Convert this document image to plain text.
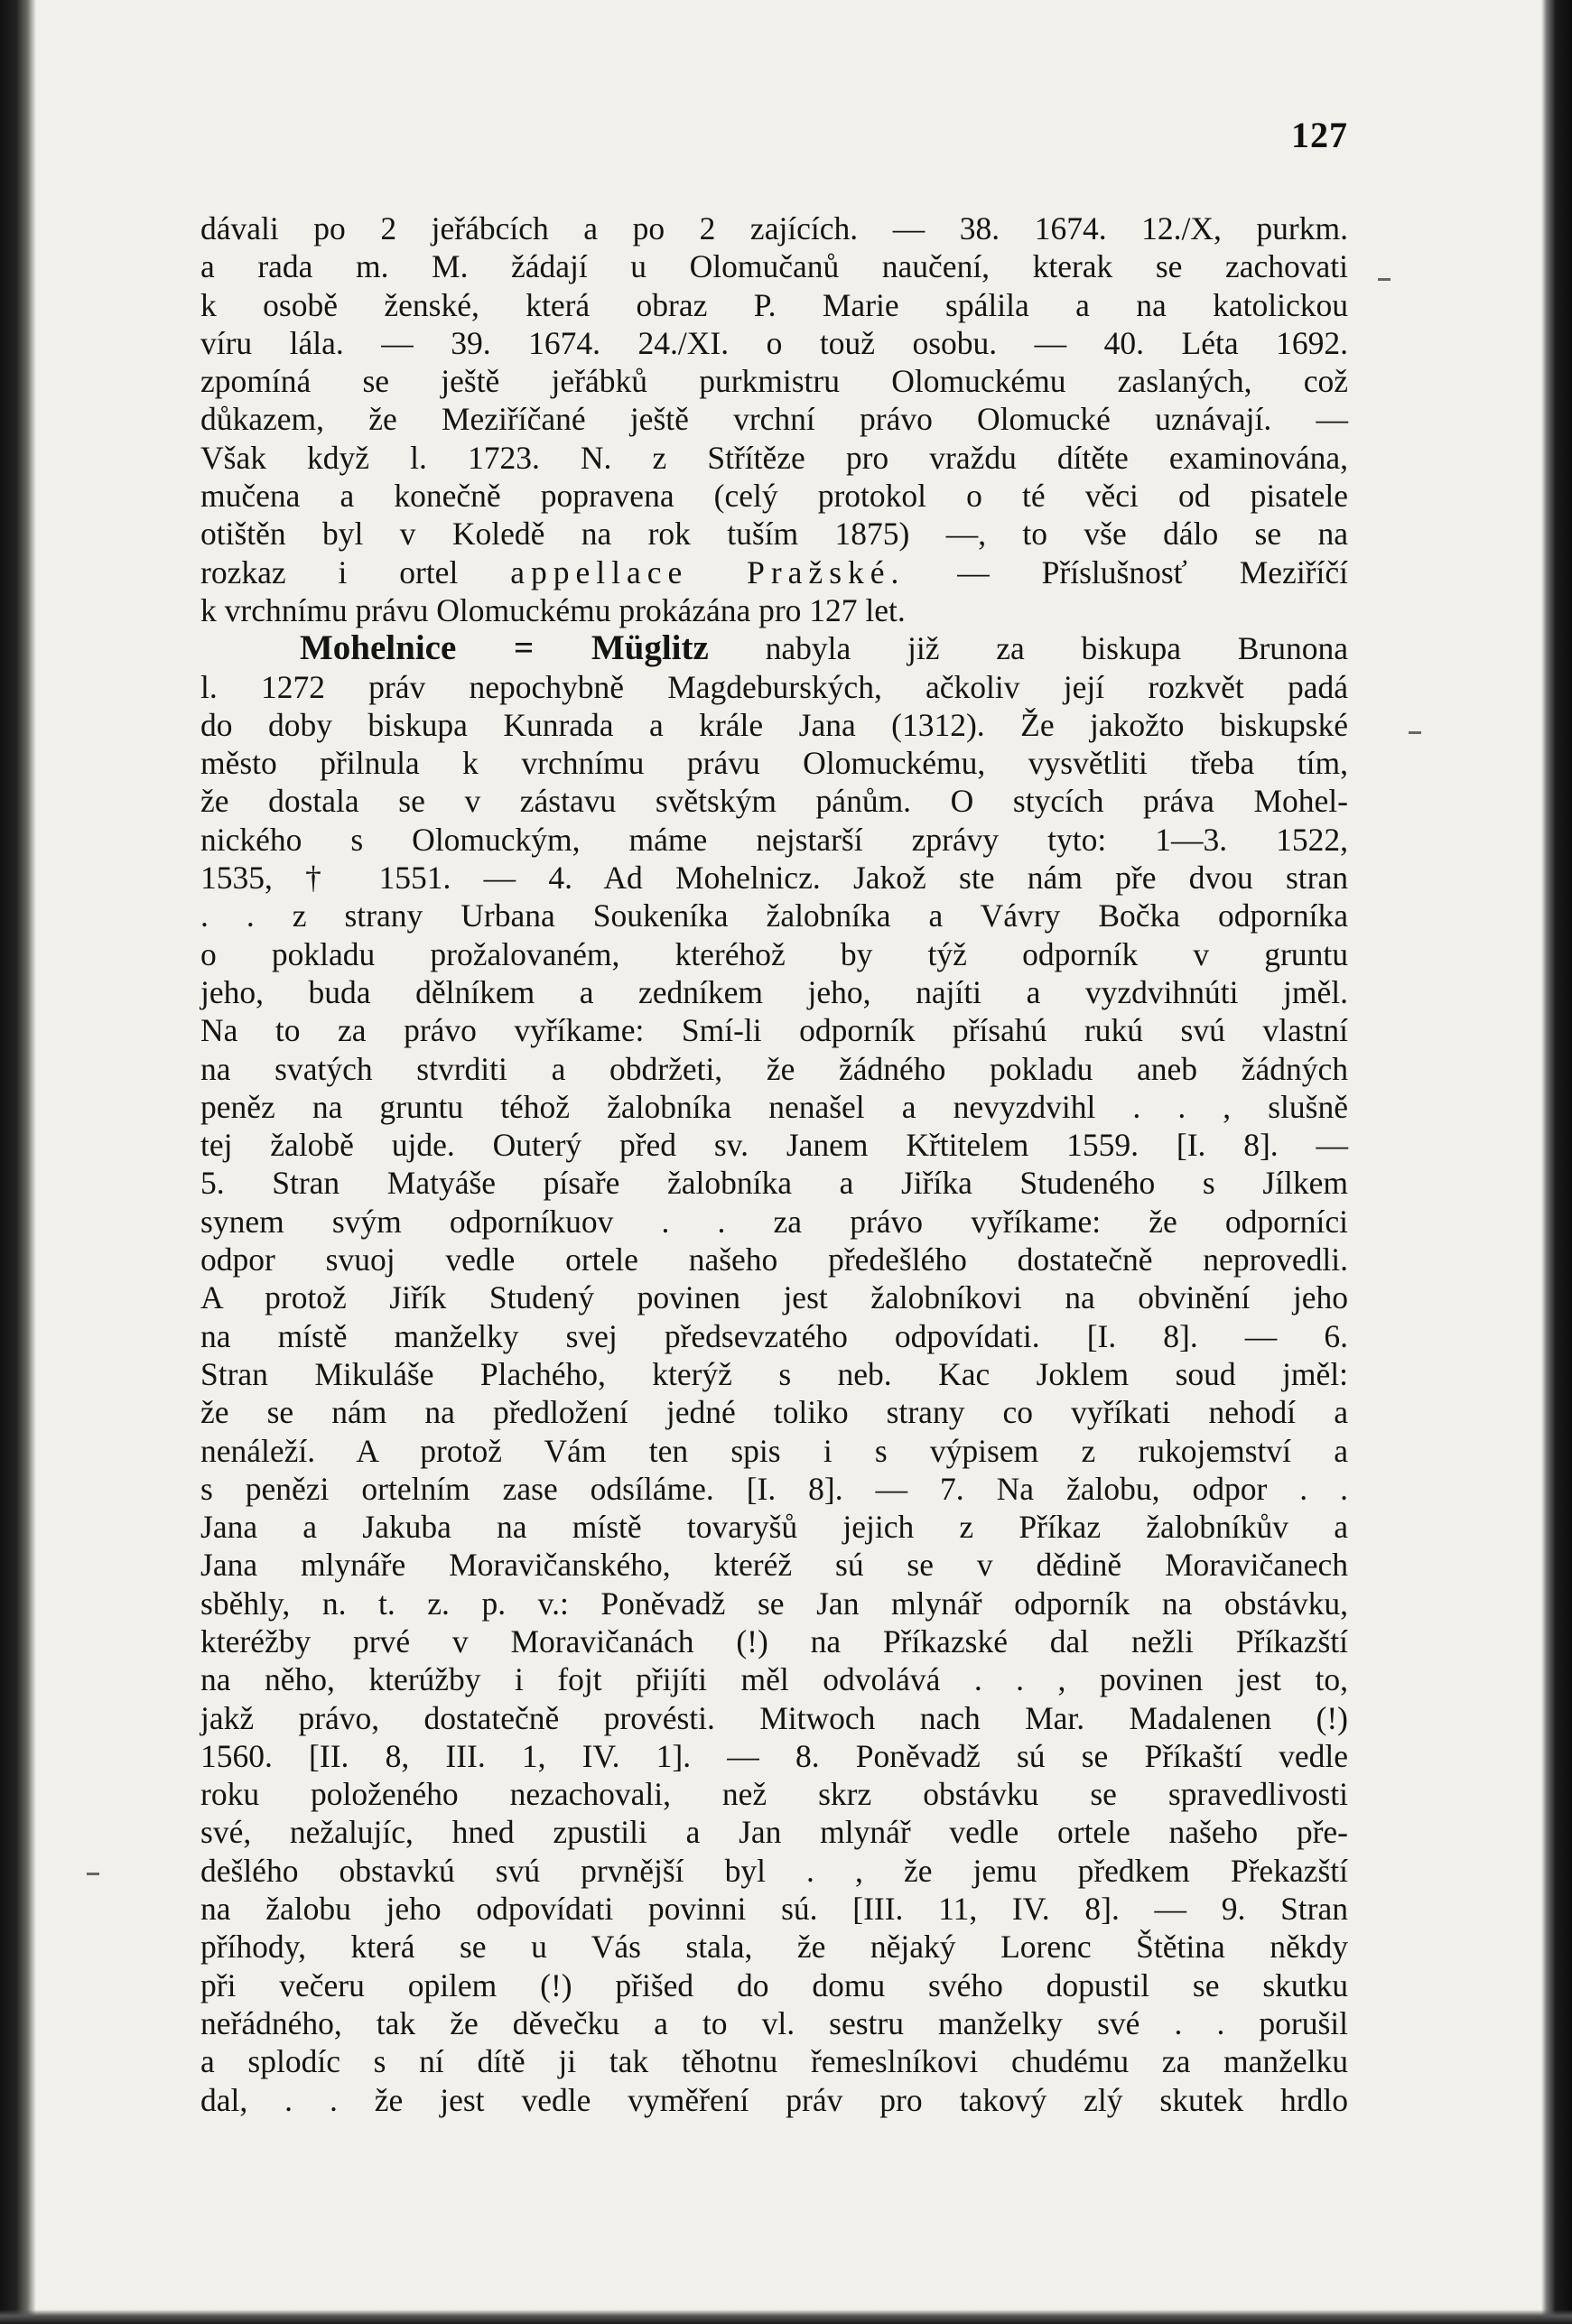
127
dávali po 2 jeřábcích a po 2 zajících. — 38. 1674. 12./X, purkm.
a rada m. M. žádají u Olomučanů naučení, kterak se zachovati
k osobě ženské, která obraz P. Marie spálila a na katolickou
víru lála. — 39. 1674. 24./XI. o touž osobu. — 40. Léta 1692.
zpomíná se ještě jeřábků purkmistru Olomuckému zaslaných, což
důkazem, že Meziříčané ještě vrchní právo Olomucké uznávají. —
Však když l. 1723. N. z Střítěze pro vraždu dítěte examinována,
mučena a konečně popravena (celý protokol o té věci od pisatele
otištěn byl v Koledě na rok tuším 1875) —, to vše dálo se na
rozkaz i ortel appellace Pražské. — Příslušnosť Meziříčí
k vrchnímu právu Olomuckému prokázána pro 127 let.
Mohelnice = Müglitz nabyla již za biskupa Brunona
l. 1272 práv nepochybně Magdeburských, ačkoliv její rozkvět padá
do doby biskupa Kunrada a krále Jana (1312). Že jakožto biskupské
město přilnula k vrchnímu právu Olomuckému, vysvětliti třeba tím,
že dostala se v zástavu světským pánům. O stycích práva Mohel-
nického s Olomuckým, máme nejstarší zprávy tyto: 1—3. 1522,
1535, † 1551. — 4. Ad Mohelnicz. Jakož ste nám pře dvou stran
. . z strany Urbana Soukeníka žalobníka a Vávry Bočka odporníka
o pokladu prožalovaném, kteréhož by týž odporník v gruntu
jeho, buda dělníkem a zedníkem jeho, najíti a vyzdvihnúti jměl.
Na to za právo vyříkame: Smí-li odporník přísahú rukú svú vlastní
na svatých stvrditi a obdržeti, že žádného pokladu aneb žádných
peněz na gruntu téhož žalobníka nenašel a nevyzdvihl . . , slušně
tej žalobě ujde. Outerý před sv. Janem Křtitelem 1559. [I. 8]. —
5. Stran Matyáše písaře žalobníka a Jiříka Studeného s Jílkem
synem svým odporníkuov . . za právo vyříkame: že odporníci
odpor svuoj vedle ortele našeho předešlého dostatečně neprovedli.
A protož Jiřík Studený povinen jest žalobníkovi na obvinění jeho
na místě manželky svej předsevzatého odpovídati. [I. 8]. — 6.
Stran Mikuláše Plachého, kterýž s neb. Kac Joklem soud jměl:
že se nám na předložení jedné toliko strany co vyříkati nehodí a
nenáleží. A protož Vám ten spis i s výpisem z rukojemství a
s penězi ortelním zase odsíláme. [I. 8]. — 7. Na žalobu, odpor . .
Jana a Jakuba na místě tovaryšů jejich z Příkaz žalobníkův a
Jana mlynáře Moravičanského, kteréž sú se v dědině Moravičanech
sběhly, n. t. z. p. v.: Poněvadž se Jan mlynář odporník na obstávku,
kteréžby prvé v Moravičanách (!) na Příkazské dal nežli Příkazští
na něho, kterúžby i fojt přijíti měl odvolává . . , povinen jest to,
jakž právo, dostatečně provésti. Mitwoch nach Mar. Madalenen (!)
1560. [II. 8, III. 1, IV. 1]. — 8. Poněvadž sú se Příkaští vedle
roku položeného nezachovali, než skrz obstávku se spravedlivosti
své, nežalujíc, hned zpustili a Jan mlynář vedle ortele našeho pře-
dešlého obstavkú svú prvnější byl . , že jemu předkem Překazští
na žalobu jeho odpovídati povinni sú. [III. 11, IV. 8]. — 9. Stran
příhody, která se u Vás stala, že nějaký Lorenc Štětina někdy
při večeru opilem (!) přišed do domu svého dopustil se skutku
neřádného, tak že děvečku a to vl. sestru manželky své . . porušil
a splodíc s ní dítě ji tak těhotnu řemeslníkovi chudému za manželku
dal, . . že jest vedle vyměření práv pro takový zlý skutek hrdlo
